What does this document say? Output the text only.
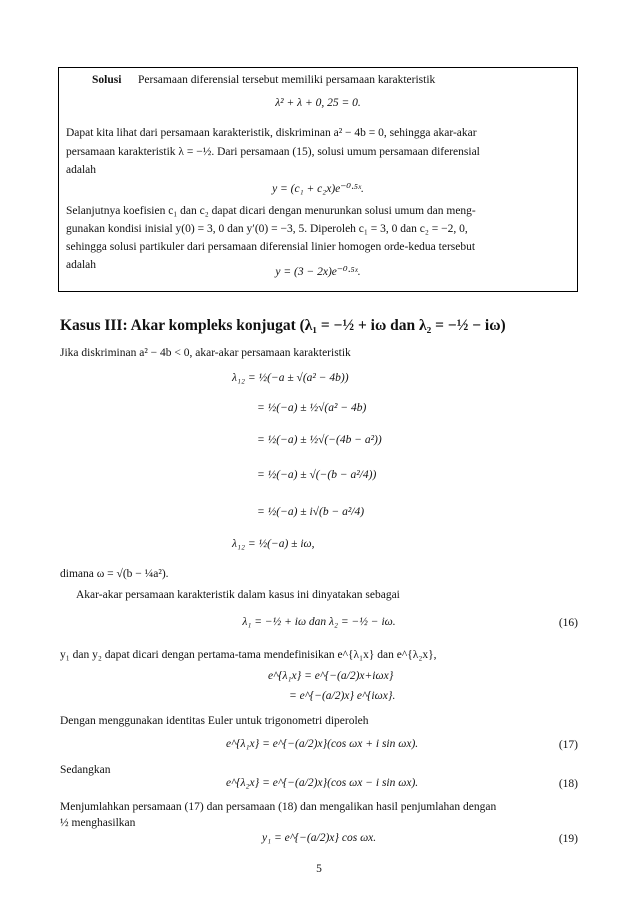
Solusi Persamaan diferensial tersebut memiliki persamaan karakteristik
λ² + λ + 0, 25 = 0.
Dapat kita lihat dari persamaan karakteristik, diskriminan a² − 4b = 0, sehingga akar-akar
persamaan karakteristik λ = −½. Dari persamaan (15), solusi umum persamaan diferensial
adalah
y = (c₁ + c₂x)e⁻⁰·⁵ˣ.
Selanjutnya koefisien c₁ dan c₂ dapat dicari dengan menurunkan solusi umum dan meng-
gunakan kondisi inisial y(0) = 3, 0 dan y′(0) = −3, 5. Diperoleh c₁ = 3, 0 dan c₂ = −2, 0,
sehingga solusi partikuler dari persamaan diferensial linier homogen orde-kedua tersebut
adalah
y = (3 − 2x)e⁻⁰·⁵ˣ.
Kasus III: Akar kompleks konjugat (λ₁ = −½ + iω dan λ₂ = −½ − iω)
Jika diskriminan a² − 4b < 0, akar-akar persamaan karakteristik
λ₁₂ = ½(−a ± √(a² − 4b))
= ½(−a) ± ½√(a² − 4b)
= ½(−a) ± ½√(−(4b − a²))
= ½(−a) ± √(−(b − a²/4))
= ½(−a) ± i√(b − a²/4)
λ₁₂ = ½(−a) ± iω,
dimana ω = √(b − ¼a²).
Akar-akar persamaan karakteristik dalam kasus ini dinyatakan sebagai
λ₁ = −½ + iω dan λ₂ = −½ − iω.	(16)
y₁ dan y₂ dapat dicari dengan pertama-tama mendefinisikan e^{λ₁x} dan e^{λ₂x},
e^{λ₁x} = e^{−(a/2)x+iωx}
= e^{−(a/2)x} e^{iωx}.
Dengan menggunakan identitas Euler untuk trigonometri diperoleh
e^{λ₁x} = e^{−(a/2)x}(cos ωx + i sin ωx).	(17)
Sedangkan
e^{λ₂x} = e^{−(a/2)x}(cos ωx − i sin ωx).	(18)
Menjumlahkan persamaan (17) dan persamaan (18) dan mengalikan hasil penjumlahan dengan
½ menghasilkan
y₁ = e^{−(a/2)x} cos ωx.	(19)
5
